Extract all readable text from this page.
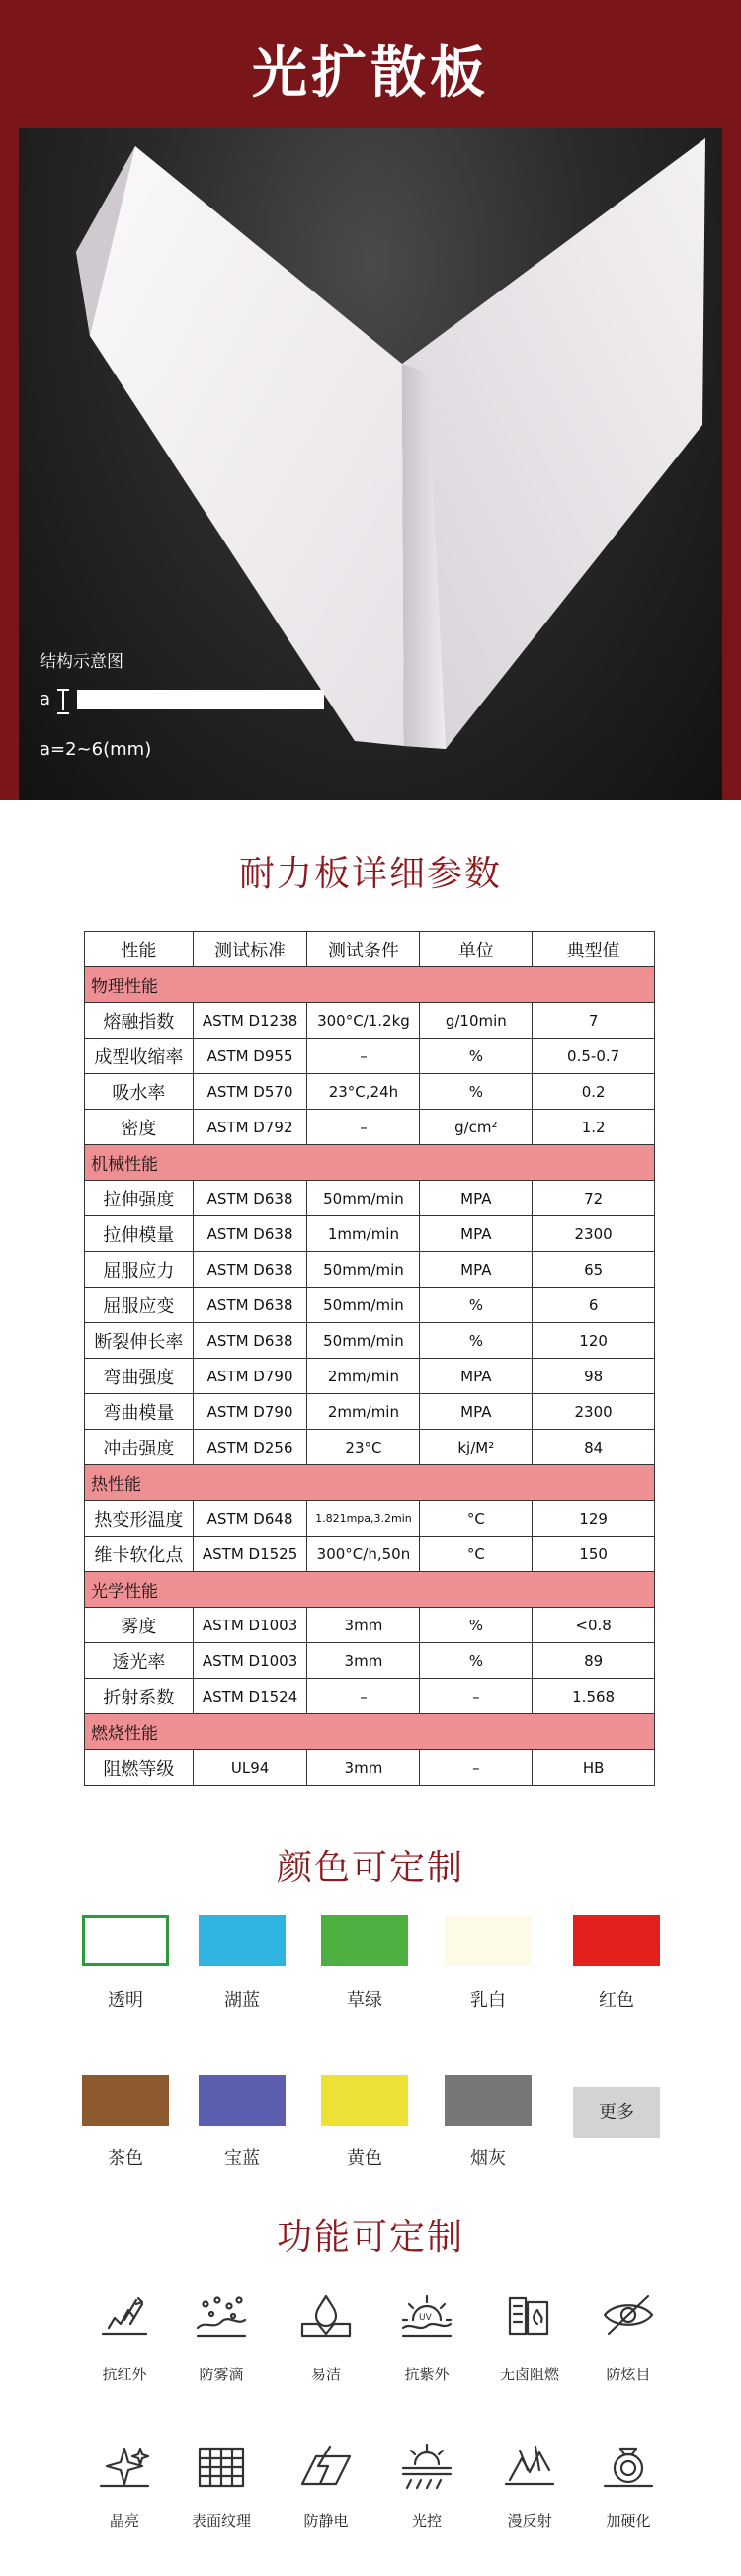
光扩散板
结构示意图
a
a=2~6(mm)
耐力板详细参数
性能	测试标准	测试条件	单位	典型值
物理性能				
熔融指数	ASTM D1238	300°C/1.2kg	g/10min	7
成型收缩率	ASTM D955	–	%	0.5-0.7
吸水率	ASTM D570	23°C,24h	%	0.2
密度	ASTM D792	–	g/cm²	1.2
机械性能				
拉伸强度	ASTM D638	50mm/min	MPA	72
拉伸模量	ASTM D638	1mm/min	MPA	2300
屈服应力	ASTM D638	50mm/min	MPA	65
屈服应变	ASTM D638	50mm/min	%	6
断裂伸长率	ASTM D638	50mm/min	%	120
弯曲强度	ASTM D790	2mm/min	MPA	98
弯曲模量	ASTM D790	2mm/min	MPA	2300
冲击强度	ASTM D256	23°C	kj/M²	84
热性能				
热变形温度	ASTM D648	1.821mpa,3.2min	°C	129
维卡软化点	ASTM D1525	300°C/h,50n	°C	150
光学性能				
雾度	ASTM D1003	3mm	%	<0.8
透光率	ASTM D1003	3mm	%	89
折射系数	ASTM D1524	–	–	1.568
燃烧性能				
阻燃等级	UL94	3mm	–	HB
颜色可定制
透明	湖蓝	草绿	乳白	红色
茶色	宝蓝	黄色	烟灰
更多
功能可定制
抗红外	防雾滴	易洁
UV
抗紫外	无卤阻燃	防炫目
晶亮	表面纹理	防静电	光控	漫反射	加硬化
